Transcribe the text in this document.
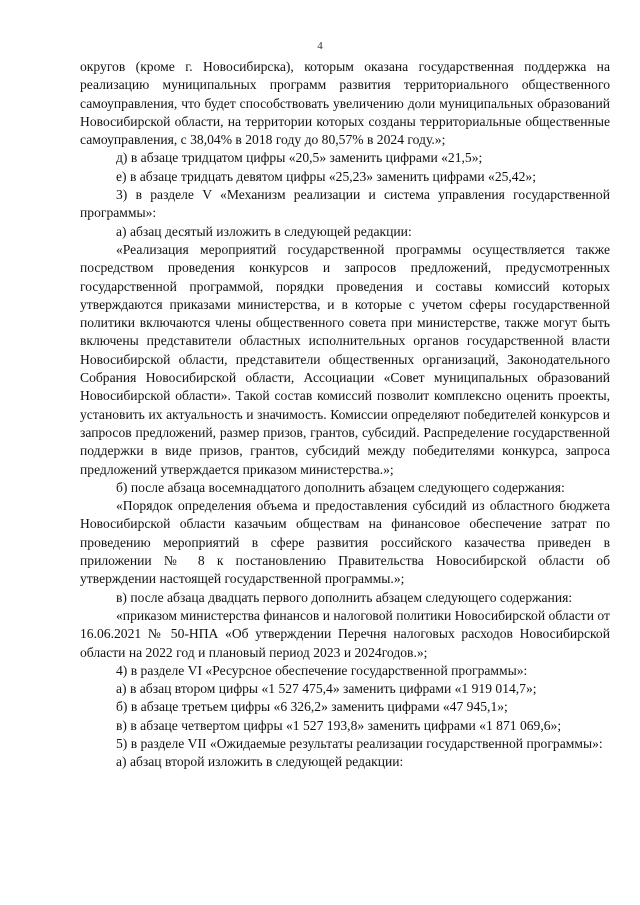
4

округов (кроме г. Новосибирска), которым оказана государственная поддержка на реализацию муниципальных программ развития территориального общественного самоуправления, что будет способствовать увеличению доли муниципальных образований Новосибирской области, на территории которых созданы территориальные общественные самоуправления, с 38,04% в 2018 году до 80,57% в 2024 году.»;

д) в абзаце тридцатом цифры «20,5» заменить цифрами «21,5»;

е) в абзаце тридцать девятом цифры «25,23» заменить цифрами «25,42»;

3) в разделе V «Механизм реализации и система управления государственной программы»:

а) абзац десятый изложить в следующей редакции:

«Реализация мероприятий государственной программы осуществляется также посредством проведения конкурсов и запросов предложений, предусмотренных государственной программой, порядки проведения и составы комиссий которых утверждаются приказами министерства, и в которые с учетом сферы государственной политики включаются члены общественного совета при министерстве, также могут быть включены представители областных исполнительных органов государственной власти Новосибирской области, представители общественных организаций, Законодательного Собрания Новосибирской области, Ассоциации «Совет муниципальных образований Новосибирской области». Такой состав комиссий позволит комплексно оценить проекты, установить их актуальность и значимость. Комиссии определяют победителей конкурсов и запросов предложений, размер призов, грантов, субсидий. Распределение государственной поддержки в виде призов, грантов, субсидий между победителями конкурса, запроса предложений утверждается приказом министерства.»;

б) после абзаца восемнадцатого дополнить абзацем следующего содержания:

«Порядок определения объема и предоставления субсидий из областного бюджета Новосибирской области казачьим обществам на финансовое обеспечение затрат по проведению мероприятий в сфере развития российского казачества приведен в приложении № 8 к постановлению Правительства Новосибирской области об утверждении настоящей государственной программы.»;

в) после абзаца двадцать первого дополнить абзацем следующего содержания:

«приказом министерства финансов и налоговой политики Новосибирской области от 16.06.2021 № 50-НПА «Об утверждении Перечня налоговых расходов Новосибирской области на 2022 год и плановый период 2023 и 2024годов.»;

4) в разделе VI «Ресурсное обеспечение государственной программы»:

а) в абзац втором цифры «1 527 475,4» заменить цифрами «1 919 014,7»;

б) в абзаце третьем цифры «6 326,2» заменить цифрами «47 945,1»;

в) в абзаце четвертом цифры «1 527 193,8» заменить цифрами «1 871 069,6»;

5) в разделе VII «Ожидаемые результаты реализации государственной программы»:

а) абзац второй изложить в следующей редакции:
